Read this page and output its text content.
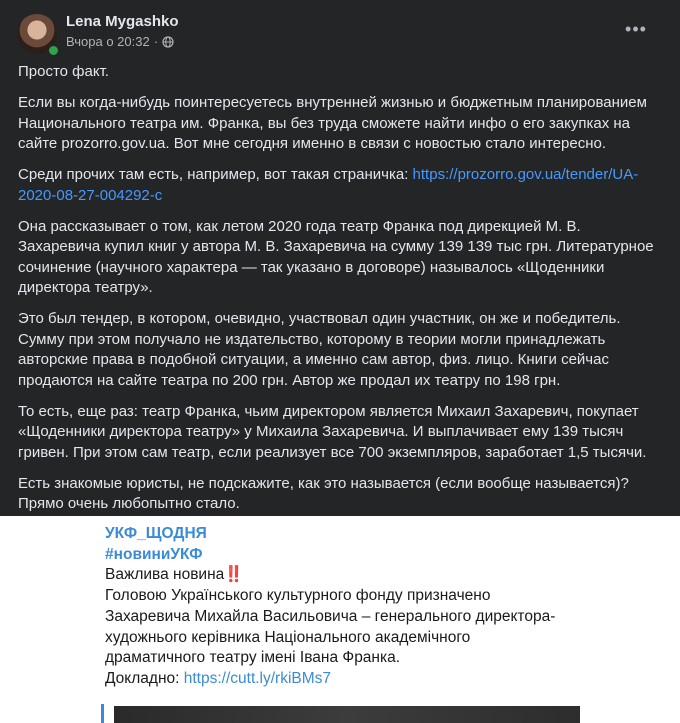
Lena Mygashko
Вчора о 20:32 ·
•••

Просто факт.

Если вы когда-нибудь поинтересуетесь внутренней жизнью и бюджетным планированием Национального театра им. Франка, вы без труда сможете найти инфо о его закупках на сайте prozorro.gov.ua. Вот мне сегодня именно в связи с новостью стало интересно.

Среди прочих там есть, например, вот такая страничка: https://prozorro.gov.ua/tender/UA-2020-08-27-004292-c

Она рассказывает о том, как летом 2020 года театр Франка под дирекцией М. В. Захаревича купил книг у автора М. В. Захаревича на сумму 139 139 тыс грн. Литературное сочинение (научного характера — так указано в договоре) называлось «Щоденники директора театру».

Это был тендер, в котором, очевидно, участвовал один участник, он же и победитель. Сумму при этом получало не издательство, которому в теории могли принадлежать авторские права в подобной ситуации, а именно сам автор, физ. лицо. Книги сейчас продаются на сайте театра по 200 грн. Автор же продал их театру по 198 грн.

То есть, еще раз: театр Франка, чьим директором является Михаил Захаревич, покупает «Щоденники директора театру» у Михаила Захаревича. И выплачивает ему 139 тысяч гривен. При этом сам театр, если реализует все 700 экземпляров, заработает 1,5 тысячи.

Есть знакомые юристы, не подскажите, как это называется (если вообще называется)? Прямо очень любопытно стало.

УКФ_ЩОДНЯ
#новиниУКФ
Важлива новина‼️
Головою Українського культурного фонду призначено
Захаревича Михайла Васильовича – генерального директора-
художнього керівника Національного академічного
драматичного театру імені Івана Франка.
Докладно: https://cutt.ly/rkiBMs7
